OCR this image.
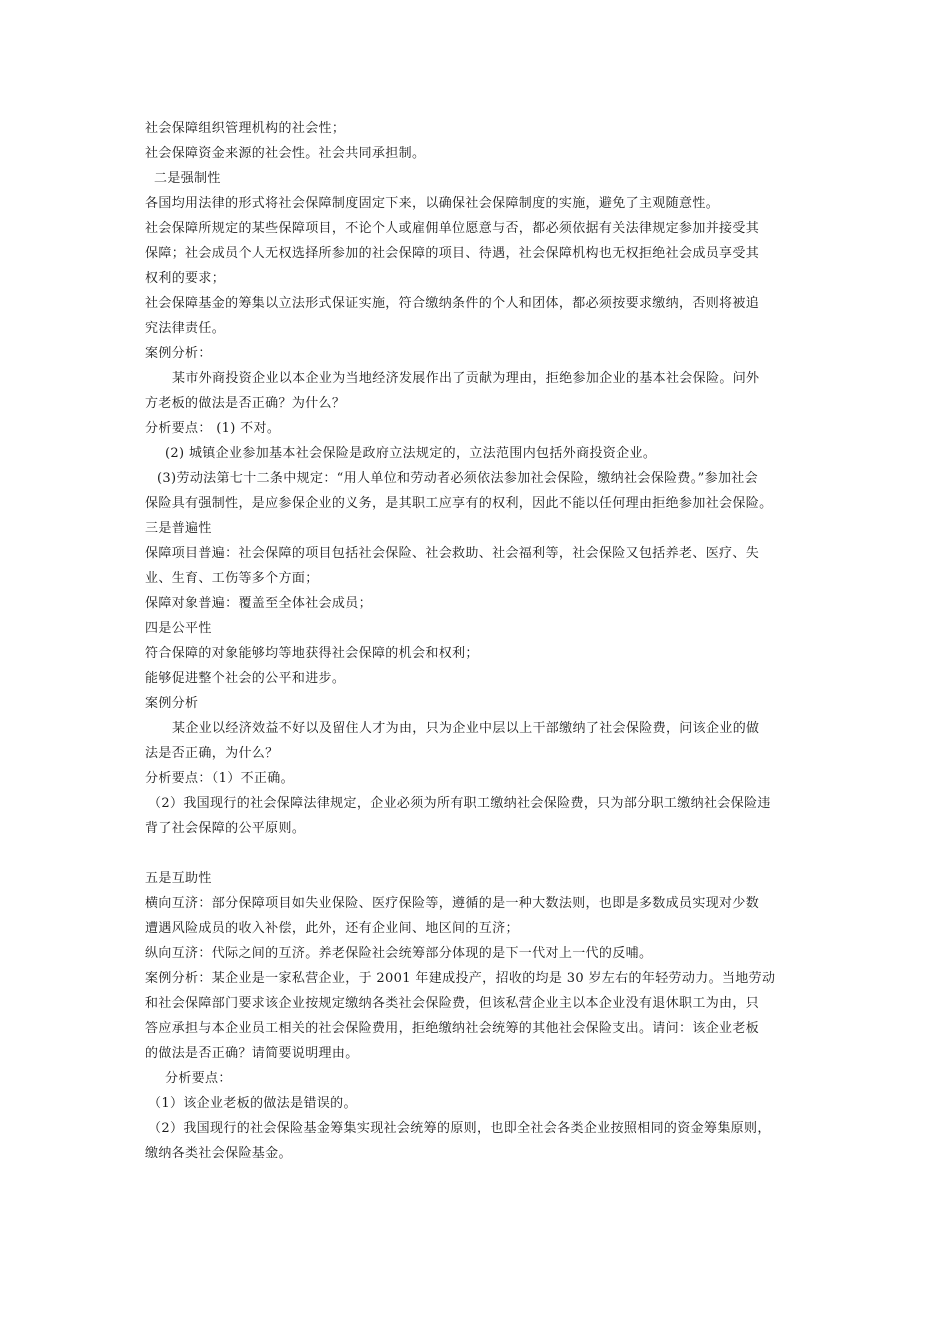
社会保障组织管理机构的社会性；
社会保障资金来源的社会性。社会共同承担制。
二是强制性
各国均用法律的形式将社会保障制度固定下来，以确保社会保障制度的实施，避免了主观随意性。
社会保障所规定的某些保障项目，不论个人或雇佣单位愿意与否，都必须依据有关法律规定参加并接受其
保障；社会成员个人无权选择所参加的社会保障的项目、待遇，社会保障机构也无权拒绝社会成员享受其
权利的要求；
社会保障基金的筹集以立法形式保证实施，符合缴纳条件的个人和团体，都必须按要求缴纳，否则将被追
究法律责任。
案例分析：
某市外商投资企业以本企业为当地经济发展作出了贡献为理由，拒绝参加企业的基本社会保险。问外
方老板的做法是否正确？为什么？
分析要点： (1) 不对。
(2) 城镇企业参加基本社会保险是政府立法规定的，立法范围内包括外商投资企业。
(3)劳动法第七十二条中规定：“用人单位和劳动者必须依法参加社会保险，缴纳社会保险费。”参加社会
保险具有强制性，是应参保企业的义务，是其职工应享有的权利，因此不能以任何理由拒绝参加社会保险。
三是普遍性
保障项目普遍：社会保障的项目包括社会保险、社会救助、社会福利等，社会保险又包括养老、医疗、失
业、生育、工伤等多个方面；
保障对象普遍：覆盖至全体社会成员；
四是公平性
符合保障的对象能够均等地获得社会保障的机会和权利；
能够促进整个社会的公平和进步。
案例分析
某企业以经济效益不好以及留住人才为由，只为企业中层以上干部缴纳了社会保险费，问该企业的做
法是否正确，为什么？
分析要点：（1）不正确。
（2）我国现行的社会保障法律规定，企业必须为所有职工缴纳社会保险费，只为部分职工缴纳社会保险违
背了社会保障的公平原则。
五是互助性
横向互济：部分保障项目如失业保险、医疗保险等，遵循的是一种大数法则，也即是多数成员实现对少数
遭遇风险成员的收入补偿，此外，还有企业间、地区间的互济；
纵向互济：代际之间的互济。养老保险社会统筹部分体现的是下一代对上一代的反哺。
案例分析：某企业是一家私营企业，于 2001 年建成投产，招收的均是 30 岁左右的年轻劳动力。当地劳动
和社会保障部门要求该企业按规定缴纳各类社会保险费，但该私营企业主以本企业没有退休职工为由，只
答应承担与本企业员工相关的社会保险费用，拒绝缴纳社会统筹的其他社会保险支出。请问：该企业老板
的做法是否正确？请简要说明理由。
分析要点：
（1）该企业老板的做法是错误的。
（2）我国现行的社会保险基金筹集实现社会统筹的原则，也即全社会各类企业按照相同的资金筹集原则，
缴纳各类社会保险基金。
